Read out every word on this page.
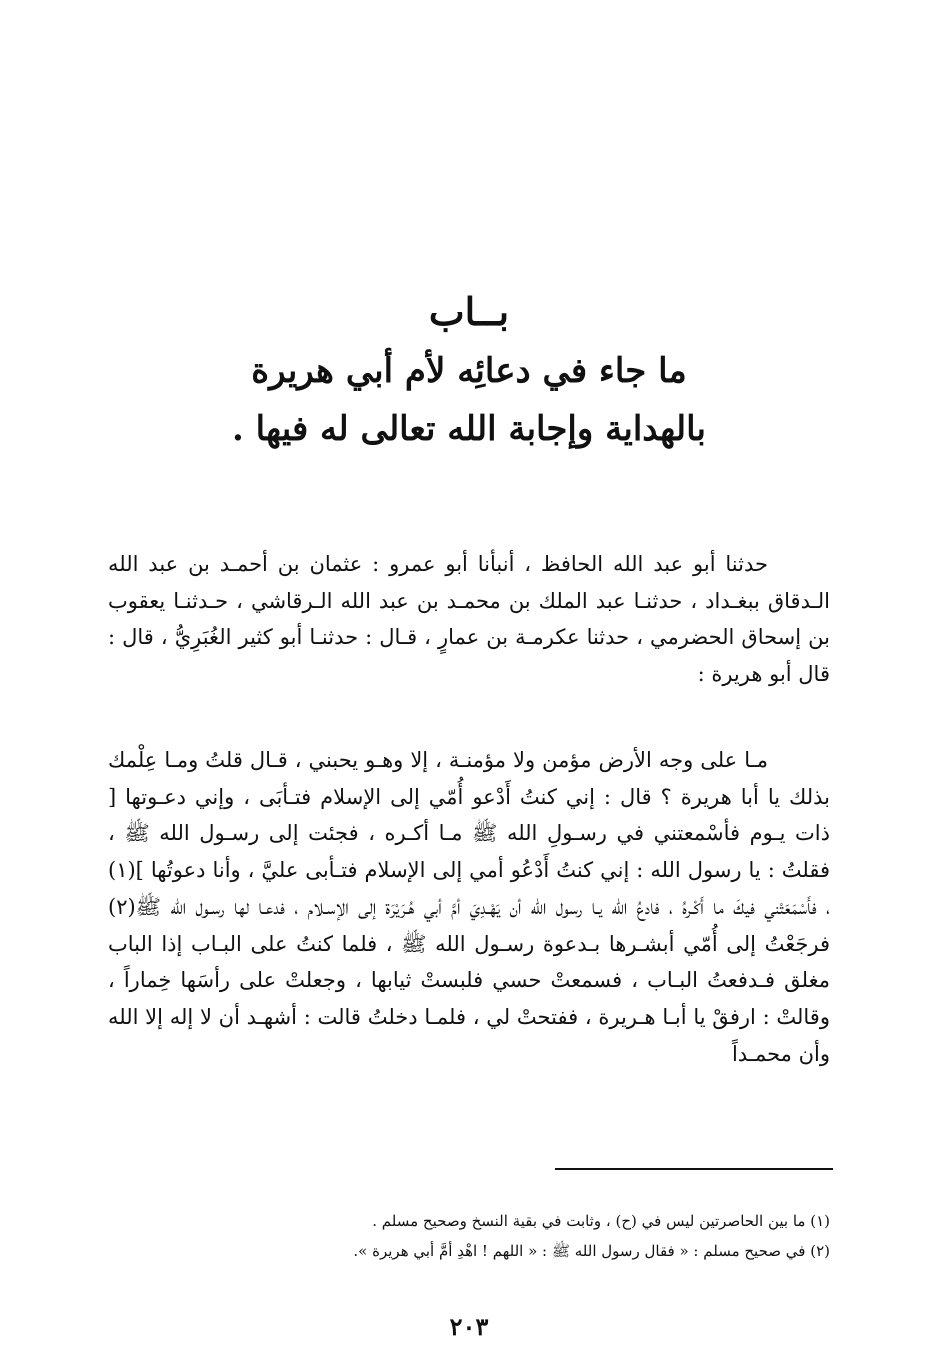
بــاب

ما جاء في دعائِه لأم أبي هريرة

بالهداية وإجابة الله تعالى له فيها .

حدثنا أبو عبد الله الحافظ ، أنبأنا أبو عمرو : عثمان بن أحمـد بن عبد الله الـدقاق ببغـداد ، حدثنـا عبد الملك بن محمـد بن عبد الله الـرقاشي ، حـدثنـا يعقوب بن إسحاق الحضرمي ، حدثنا عكرمـة بن عمارٍ ، قـال : حدثنـا أبو كثير الغُبَرِيُّ ، قال : قال أبو هريرة :

مـا على وجه الأرض مؤمن ولا مؤمنـة ، إلا وهـو يحبني ، قـال قلتُ ومـا عِلْمك بذلك يا أبا هريرة ؟ قال : إني كنتُ أَدْعو أُمّي إلى الإسلام فتـأبَى ، وإني دعـوتها [ ذات يـوم فأسْمعتني في رسـولِ الله ﷺ مـا أكـره ، فجئت إلى رسـول الله ﷺ ، فقلتُ : يا رسول الله : إني كنتُ أَدْعُو أمي إلى الإسلام فتـأبى عليَّ ، وأنا دعوتُها ](١) ، فأَسْمَعَتْني فيكَ ما أَكْـرهُ ، فادعُ الله يـا رسول الله أن يَهْـدِيَ أمَّ أبي هُـرَيْرَة إلى الإسـلام ، فدعـا لها رسـول الله ﷺ(٢) فرجَعْتُ إلى أُمّي أبشـرها بـدعوة رسـول الله ﷺ ، فلما كنتُ على البـاب إذا الباب مغلق فـدفعتُ البـاب ، فسمعتْ حسي فلبستْ ثيابها ، وجعلتْ على رأسَها خِماراً ، وقالتْ : ارفقْ يا أبـا هـريرة ، ففتحتْ لي ، فلمـا دخلتُ قالت : أشهـد أن لا إله إلا الله وأن محمـداً

(١) ما بين الحاصرتين ليس في (ح) ، وثابت في بقية النسخ وصحيح مسلم .

(٢) في صحيح مسلم : « فقال رسول الله ﷺ : « اللهم ! اهْدِ أمَّ أبي هريرة ».

٢٠٣
